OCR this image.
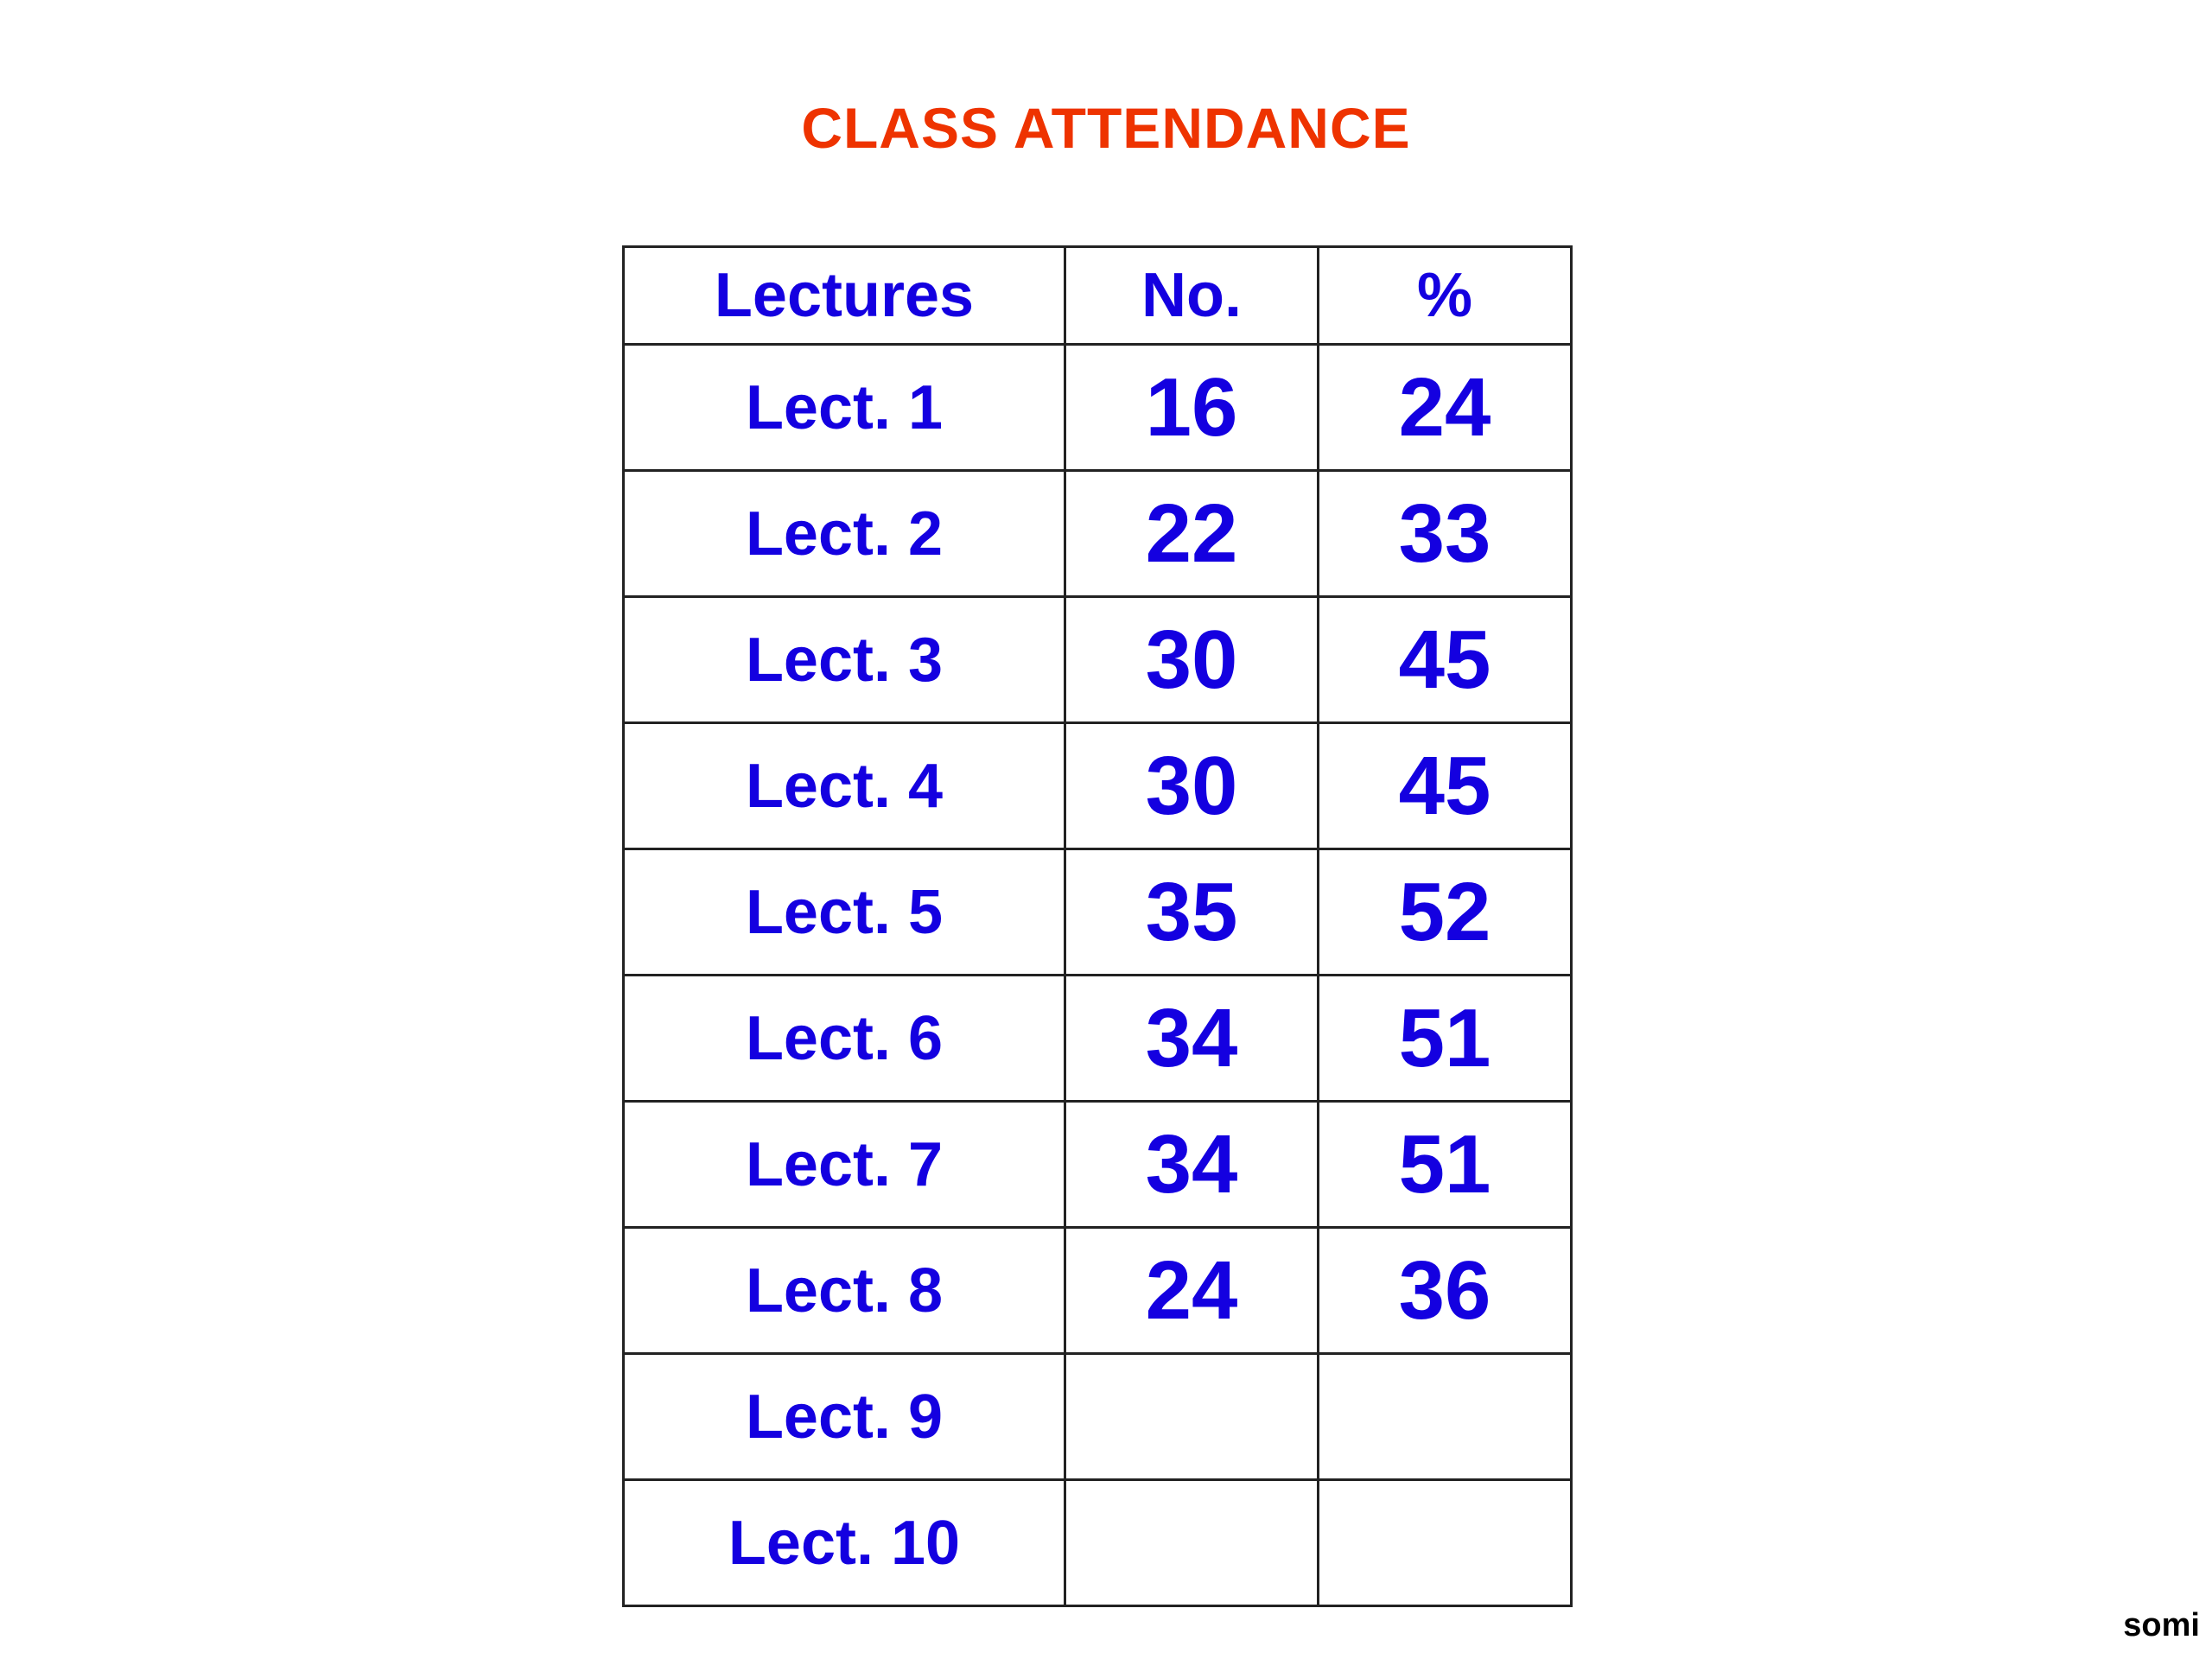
CLASS ATTENDANCE
Lectures	No.	%
Lect. 1	16	24
Lect. 2	22	33
Lect. 3	30	45
Lect. 4	30	45
Lect. 5	35	52
Lect. 6	34	51
Lect. 7	34	51
Lect. 8	24	36
Lect. 9		
Lect. 10		
somi
